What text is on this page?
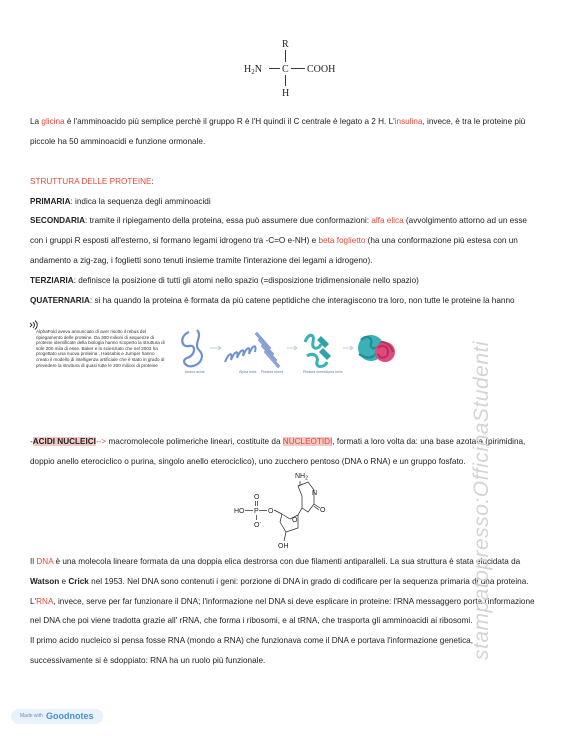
R
$H_2N$ C COOH
H
La glicina è l'amminoacido più semplice perchè il gruppo R è l'H quindi il C centrale è legato a 2 H. L'insulina, invece, è tra le proteine più
piccole ha 50 amminoacidi e funzione ormonale.
STRUTTURA DELLE PROTEINE:
PRIMARIA: indica la sequenza degli amminoacidi
SECONDARIA: tramite il ripiegamento della proteina, essa può assumere due conformazioni: alfa elica (avvolgimento attorno ad un esse
con i gruppi R esposti all'esterno, si formano legami idrogeno tra -C=O e-NH) e beta foglietto (ha una conformazione più estesa con un
andamento a zig-zag, i foglietti sono tenuti insieme tramite l'interazione dei legami a idrogeno).
TERZIARIA: definisce la posizione di tutti gli atomi nello spazio (=disposizione tridimensionale nello spazio)
QUATERNARIA: si ha quando la proteina è formata da più catene peptidiche che interagiscono tra loro, non tutte le proteine la hanno
AlphaFold aveva annunciato di aver risolto il rebus del ripiegamento delle proteine. Da 300 milioni di sequenze di proteine identificate della biologia hanno scoperto la struttura di sole 200 mila di esse. Baker e lo scienziato che nel 2003 ha progettato una nuova proteina , Hassabis e Jumper hanno creato il modello di intelligenza artificiale che è stato in grado di prevedere la struttura di quasi tutte le 200 milioni di proteine
Amino acids	Alpha helix Pleated sheet	Pleated sheet Alpha helix
-ACIDI NUCLEICI--> macromolecole polimeriche lineari, costituite da NUCLEOTIDI, formati a loro volta da: una base azotata (pirimidina,
doppio anello eterociclico o purina, singolo anello eterociclico), uno zucchero pentoso (DNA o RNA) e un gruppo fosfato.
$NH_2$
N
O
HO P O
O
O-	O
OH
Il DNA è una molecola lineare formata da una doppia elica destrorsa con due filamenti antiparalleli. La sua struttura è stata elucidata da
Watson e Crick nel 1953. Nel DNA sono contenuti i geni: porzione di DNA in grado di codificare per la sequenza primaria di una proteina.
L'RNA, invece, serve per far funzionare il DNA; l'informazione nel DNA si deve esplicare in proteine: l'RNA messaggero porta l'informazione
nel DNA che poi viene tradotta grazie all' rRNA, che forma i ribosomi, e al tRNA, che trasporta gli amminoacidi ai ribosomi.
Il primo acido nucleico si pensa fosse RNA (mondo a RNA) che funzionava come il DNA e portava l'informazione genetica,
successivamente si è sdoppiato: RNA ha un ruolo più funzionale.
stampatopresso:OfficinaStudenti
Made with Goodnotes
